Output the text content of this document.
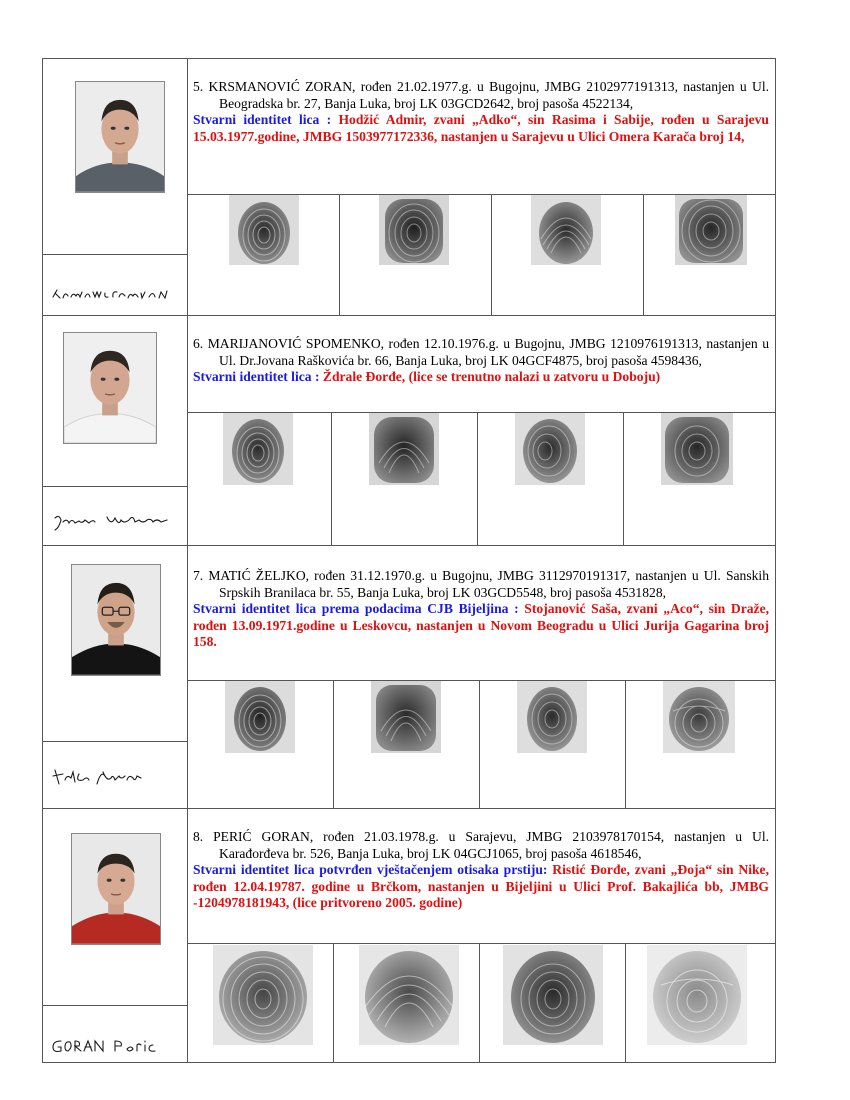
5. KRSMANOVIĆ ZORAN, rođen 21.02.1977.g. u Bugojnu, JMBG 2102977191313, nastanjen u Ul. Beogradska br. 27, Banja Luka, broj LK 03GCD2642, broj pasoša 4522134,

Stvarni identitet lica : Hodžić Admir, zvani „Adko“, sin Rasima i Sabije, rođen u Sarajevu 15.03.1977.godine, JMBG 1503977172336, nastanjen u Sarajevu u Ulici Omera Karača broj 14,

6. MARIJANOVIĆ SPOMENKO, rođen 12.10.1976.g. u Bugojnu, JMBG 1210976191313, nastanjen u Ul. Dr.Jovana Raškovića br. 66, Banja Luka, broj LK 04GCF4875, broj pasoša 4598436,

Stvarni identitet lica : Ždrale Đorđe, (lice se trenutno nalazi u zatvoru u Doboju)

7. MATIĆ ŽELJKO, rođen 31.12.1970.g. u Bugojnu, JMBG 3112970191317, nastanjen u Ul. Sanskih Srpskih Branilaca br. 55, Banja Luka, broj LK 03GCD5548, broj pasoša 4531828,

Stvarni identitet lica prema podacima CJB Bijeljina : Stojanović Saša, zvani „Aco“, sin Draže, rođen 13.09.1971.godine u Leskovcu, nastanjen u Novom Beogradu u Ulici Jurija Gagarina broj 158.

8. PERIĆ GORAN, rođen 21.03.1978.g. u Sarajevu, JMBG 2103978170154, nastanjen u Ul. Karađorđeva br. 526, Banja Luka, broj LK 04GCJ1065, broj pasoša 4618546,

Stvarni identitet lica potvrđen vještačenjem otisaka prstiju: Ristić Đorđe, zvani „Đoja“ sin Nike, rođen 12.04.19787. godine u Brčkom, nastanjen u Bijeljini u Ulici Prof. Bakajlića bb, JMBG -1204978181943, (lice pritvoreno 2005. godine)
